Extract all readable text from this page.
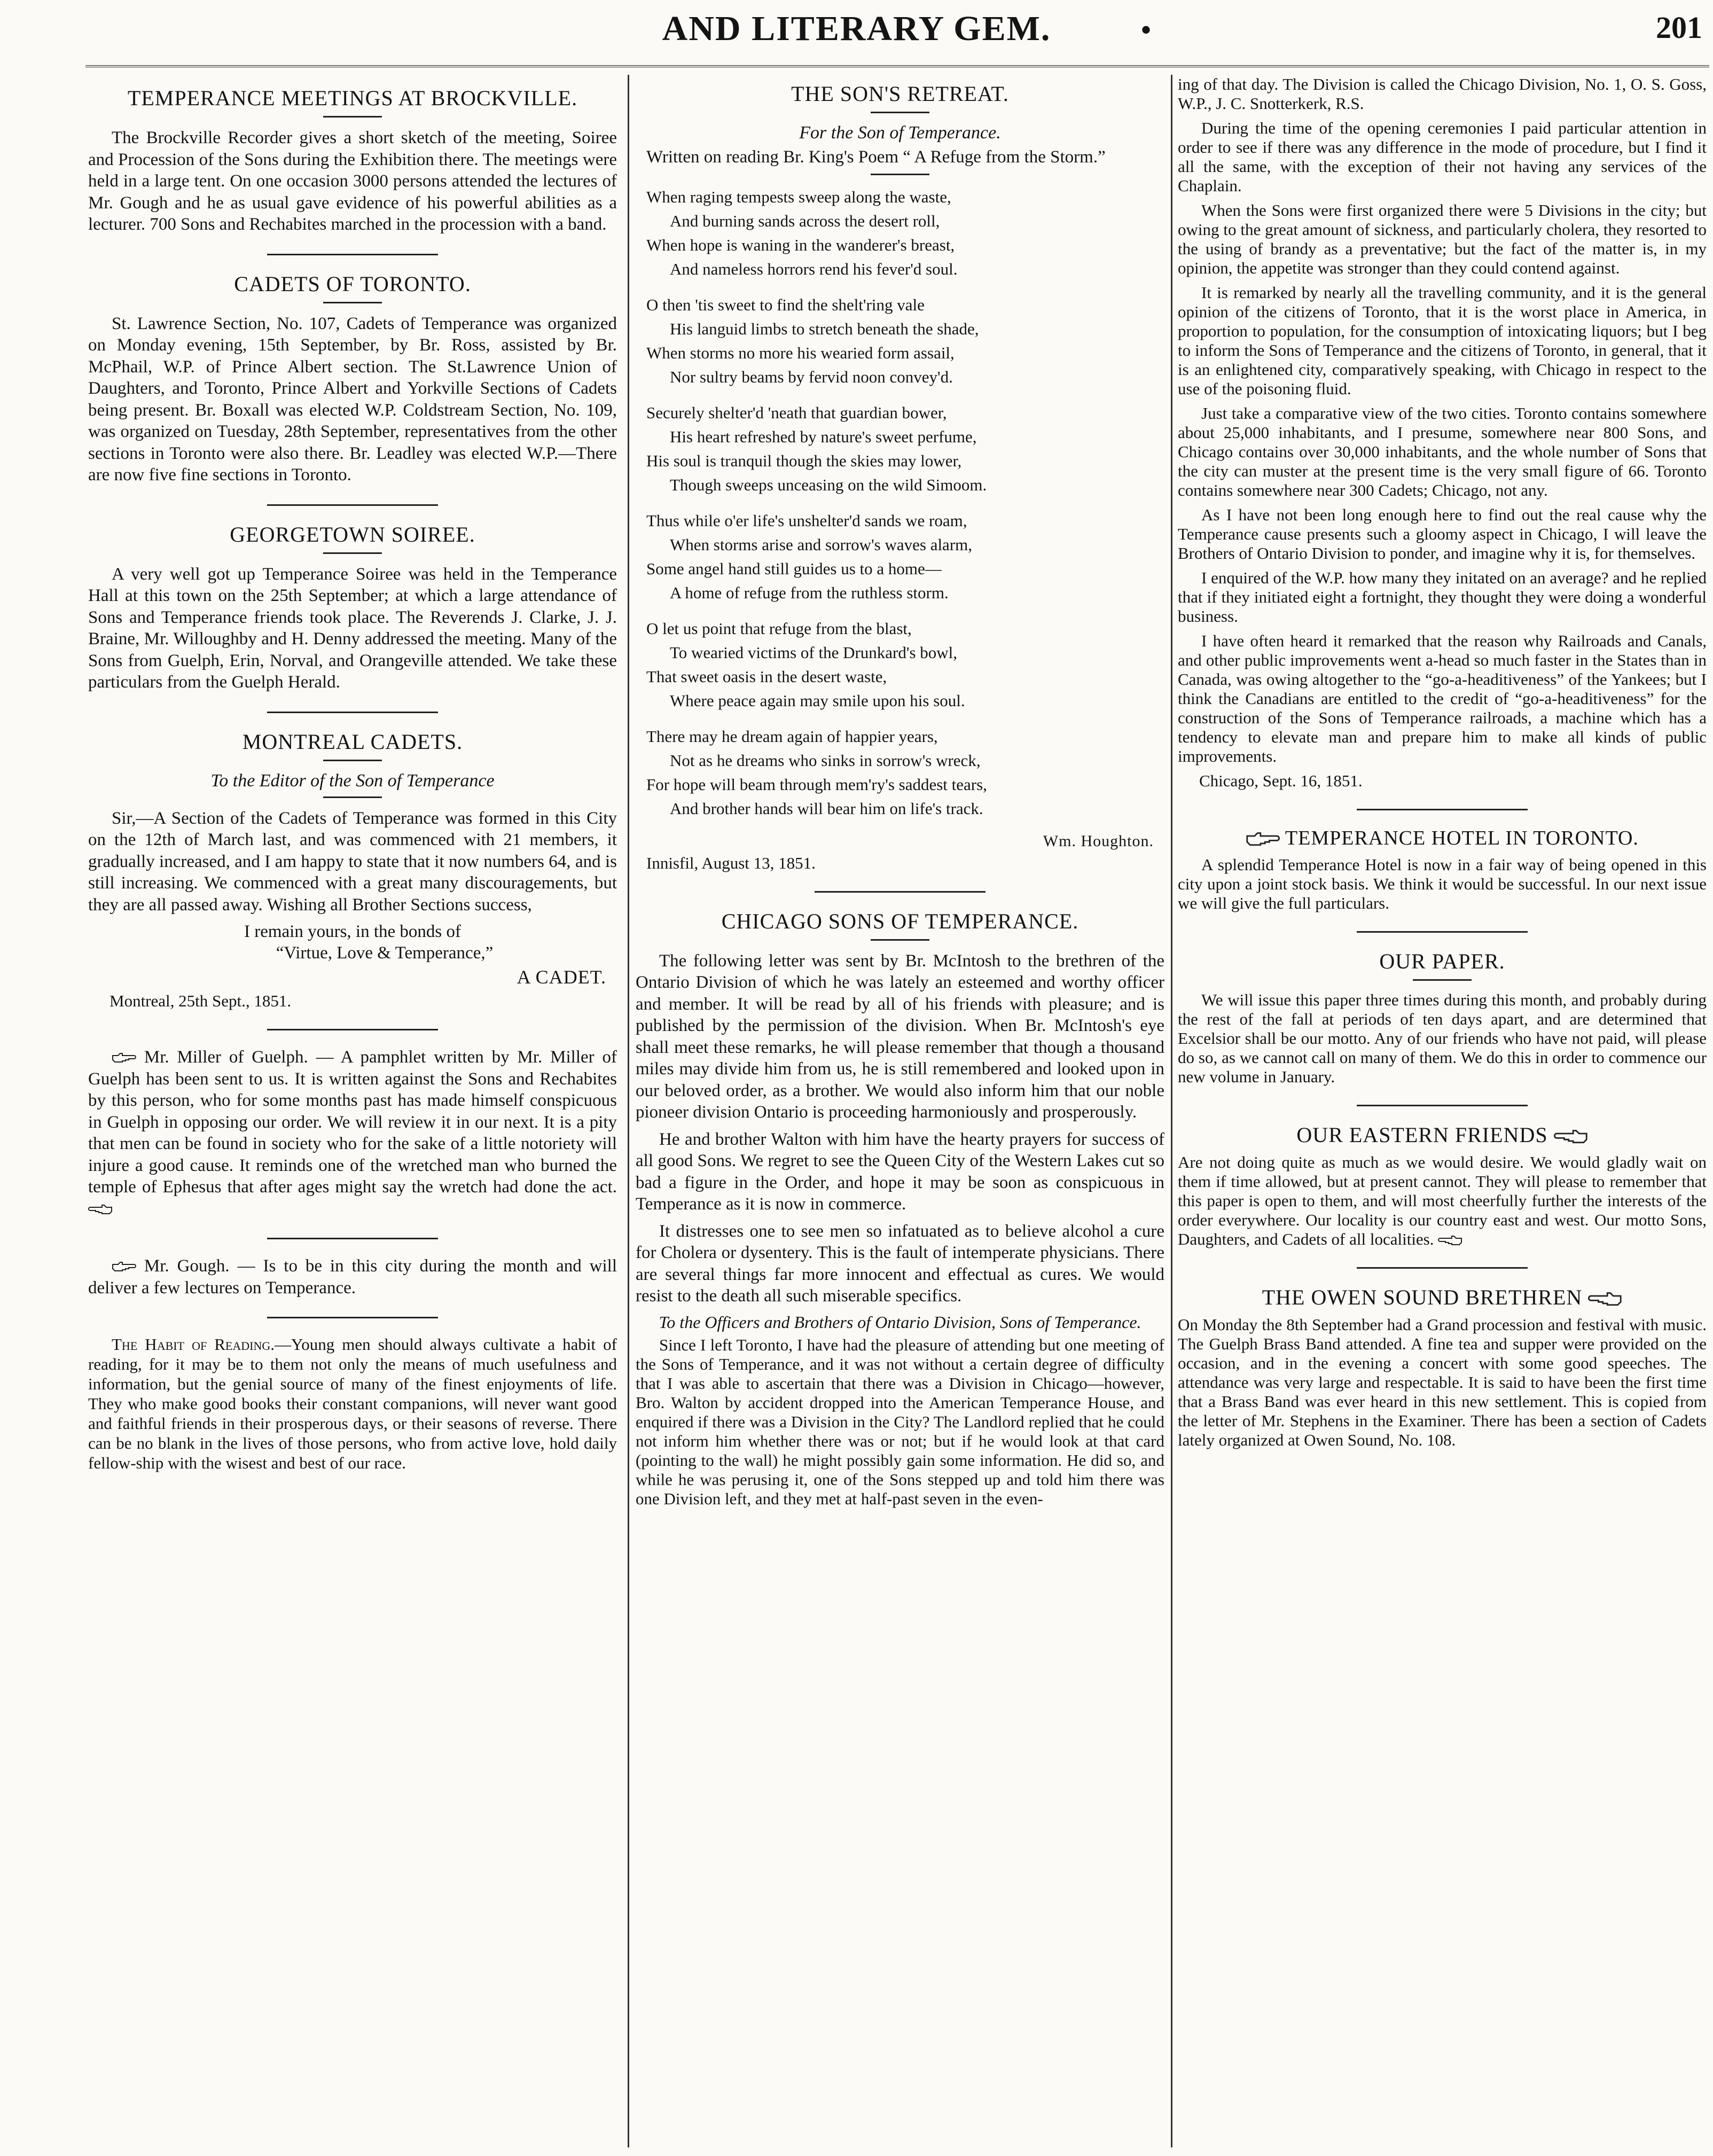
AND LITERARY GEM.	•	201
TEMPERANCE MEETINGS AT BROCKVILLE.

The Brockville Recorder gives a short sketch of the meeting, Soiree and Procession of the Sons during the Exhibition there. The meetings were held in a large tent. On one occasion 3000 persons attended the lectures of Mr. Gough and he as usual gave evidence of his powerful abilities as a lecturer. 700 Sons and Rechabites marched in the procession with a band.

CADETS OF TORONTO.

St. Lawrence Section, No. 107, Cadets of Temperance was organized on Monday evening, 15th September, by Br. Ross, assisted by Br. McPhail, W.P. of Prince Albert section. The St.Lawrence Union of Daughters, and Toronto, Prince Albert and Yorkville Sections of Cadets being present. Br. Boxall was elected W.P. Coldstream Section, No. 109, was organized on Tuesday, 28th September, representatives from the other sections in Toronto were also there. Br. Leadley was elected W.P.—There are now five fine sections in Toronto.

GEORGETOWN SOIREE.

A very well got up Temperance Soiree was held in the Temperance Hall at this town on the 25th September; at which a large attendance of Sons and Temperance friends took place. The Reverends J. Clarke, J. J. Braine, Mr. Willoughby and H. Denny addressed the meeting. Many of the Sons from Guelph, Erin, Norval, and Orangeville attended. We take these particulars from the Guelph Herald.

MONTREAL CADETS.
To the Editor of the Son of Temperance

Sir,—A Section of the Cadets of Temperance was formed in this City on the 12th of March last, and was commenced with 21 members, it gradually increased, and I am happy to state that it now numbers 64, and is still increasing. We commenced with a great many discouragements, but they are all passed away. Wishing all Brother Sections success,

I remain yours, in the bonds of
“Virtue, Love & Temperance,”
A CADET.
Montreal, 25th Sept., 1851.

Mr. Miller of Guelph. — A pamphlet written by Mr. Miller of Guelph has been sent to us. It is written against the Sons and Rechabites by this person, who for some months past has made himself conspicuous in Guelph in opposing our order. We will review it in our next. It is a pity that men can be found in society who for the sake of a little notoriety will injure a good cause. It reminds one of the wretched man who burned the temple of Ephesus that after ages might say the wretch had done the act.

Mr. Gough. — Is to be in this city during the month and will deliver a few lectures on Temperance.

The Habit of Reading.—Young men should always cultivate a habit of reading, for it may be to them not only the means of much usefulness and information, but the genial source of many of the finest enjoyments of life. They who make good books their constant companions, will never want good and faithful friends in their prosperous days, or their seasons of reverse. There can be no blank in the lives of those persons, who from active love, hold daily fellow-ship with the wisest and best of our race.

THE SON'S RETREAT.
For the Son of Temperance.

Written on reading Br. King's Poem “ A Refuge from the Storm.”

When raging tempests sweep along the waste,
And burning sands across the desert roll,
When hope is waning in the wanderer's breast,
And nameless horrors rend his fever'd soul.
O then 'tis sweet to find the shelt'ring vale
His languid limbs to stretch beneath the shade,
When storms no more his wearied form assail,
Nor sultry beams by fervid noon convey'd.
Securely shelter'd 'neath that guardian bower,
His heart refreshed by nature's sweet perfume,
His soul is tranquil though the skies may lower,
Though sweeps unceasing on the wild Simoom.
Thus while o'er life's unshelter'd sands we roam,
When storms arise and sorrow's waves alarm,
Some angel hand still guides us to a home—
A home of refuge from the ruthless storm.
O let us point that refuge from the blast,
To wearied victims of the Drunkard's bowl,
That sweet oasis in the desert waste,
Where peace again may smile upon his soul.
There may he dream again of happier years,
Not as he dreams who sinks in sorrow's wreck,
For hope will beam through mem'ry's saddest tears,
And brother hands will bear him on life's track.
Wm. Houghton.
Innisfil, August 13, 1851.
CHICAGO SONS OF TEMPERANCE.

The following letter was sent by Br. McIntosh to the brethren of the Ontario Division of which he was lately an esteemed and worthy officer and member. It will be read by all of his friends with pleasure; and is published by the permission of the division. When Br. McIntosh's eye shall meet these remarks, he will please remember that though a thousand miles may divide him from us, he is still remembered and looked upon in our beloved order, as a brother. We would also inform him that our noble pioneer division Ontario is proceeding harmoniously and prosperously.

He and brother Walton with him have the hearty prayers for success of all good Sons. We regret to see the Queen City of the Western Lakes cut so bad a figure in the Order, and hope it may be soon as conspicuous in Temperance as it is now in commerce.

It distresses one to see men so infatuated as to believe alcohol a cure for Cholera or dysentery. This is the fault of intemperate physicians. There are several things far more innocent and effectual as cures. We would resist to the death all such miserable specifics.

To the Officers and Brothers of Ontario Division, Sons of Temperance.

Since I left Toronto, I have had the pleasure of attending but one meeting of the Sons of Temperance, and it was not without a certain degree of difficulty that I was able to ascertain that there was a Division in Chicago—however, Bro. Walton by accident dropped into the American Temperance House, and enquired if there was a Division in the City? The Landlord replied that he could not inform him whether there was or not; but if he would look at that card (pointing to the wall) he might possibly gain some information. He did so, and while he was perusing it, one of the Sons stepped up and told him there was one Division left, and they met at half-past seven in the even-

ing of that day. The Division is called the Chicago Division, No. 1, O. S. Goss, W.P., J. C. Snotterkerk, R.S.

During the time of the opening ceremonies I paid particular attention in order to see if there was any difference in the mode of procedure, but I find it all the same, with the exception of their not having any services of the Chaplain.

When the Sons were first organized there were 5 Divisions in the city; but owing to the great amount of sickness, and particularly cholera, they resorted to the using of brandy as a preventative; but the fact of the matter is, in my opinion, the appetite was stronger than they could contend against.

It is remarked by nearly all the travelling community, and it is the general opinion of the citizens of Toronto, that it is the worst place in America, in proportion to population, for the consumption of intoxicating liquors; but I beg to inform the Sons of Temperance and the citizens of Toronto, in general, that it is an enlightened city, comparatively speaking, with Chicago in respect to the use of the poisoning fluid.

Just take a comparative view of the two cities. Toronto contains somewhere about 25,000 inhabitants, and I presume, somewhere near 800 Sons, and Chicago contains over 30,000 inhabitants, and the whole number of Sons that the city can muster at the present time is the very small figure of 66. Toronto contains somewhere near 300 Cadets; Chicago, not any.

As I have not been long enough here to find out the real cause why the Temperance cause presents such a gloomy aspect in Chicago, I will leave the Brothers of Ontario Division to ponder, and imagine why it is, for themselves.

I enquired of the W.P. how many they initated on an average? and he replied that if they initiated eight a fortnight, they thought they were doing a wonderful business.

I have often heard it remarked that the reason why Railroads and Canals, and other public improvements went a-head so much faster in the States than in Canada, was owing altogether to the “go-a-headitiveness” of the Yankees; but I think the Canadians are entitled to the credit of “go-a-headitiveness” for the construction of the Sons of Temperance railroads, a machine which has a tendency to elevate man and prepare him to make all kinds of public improvements.

Chicago, Sept. 16, 1851.
TEMPERANCE HOTEL IN TORONTO.

A splendid Temperance Hotel is now in a fair way of being opened in this city upon a joint stock basis. We think it would be successful. In our next issue we will give the full particulars.

OUR PAPER.

We will issue this paper three times during this month, and probably during the rest of the fall at periods of ten days apart, and are determined that Excelsior shall be our motto. Any of our friends who have not paid, will please do so, as we cannot call on many of them. We do this in order to commence our new volume in January.

OUR EASTERN FRIENDS

Are not doing quite as much as we would desire. We would gladly wait on them if time allowed, but at present cannot. They will please to remember that this paper is open to them, and will most cheerfully further the interests of the order everywhere. Our locality is our country east and west. Our motto Sons, Daughters, and Cadets of all localities.

THE OWEN SOUND BRETHREN

On Monday the 8th September had a Grand procession and festival with music. The Guelph Brass Band attended. A fine tea and supper were provided on the occasion, and in the evening a concert with some good speeches. The attendance was very large and respectable. It is said to have been the first time that a Brass Band was ever heard in this new settlement. This is copied from the letter of Mr. Stephens in the Examiner. There has been a section of Cadets lately organized at Owen Sound, No. 108.
